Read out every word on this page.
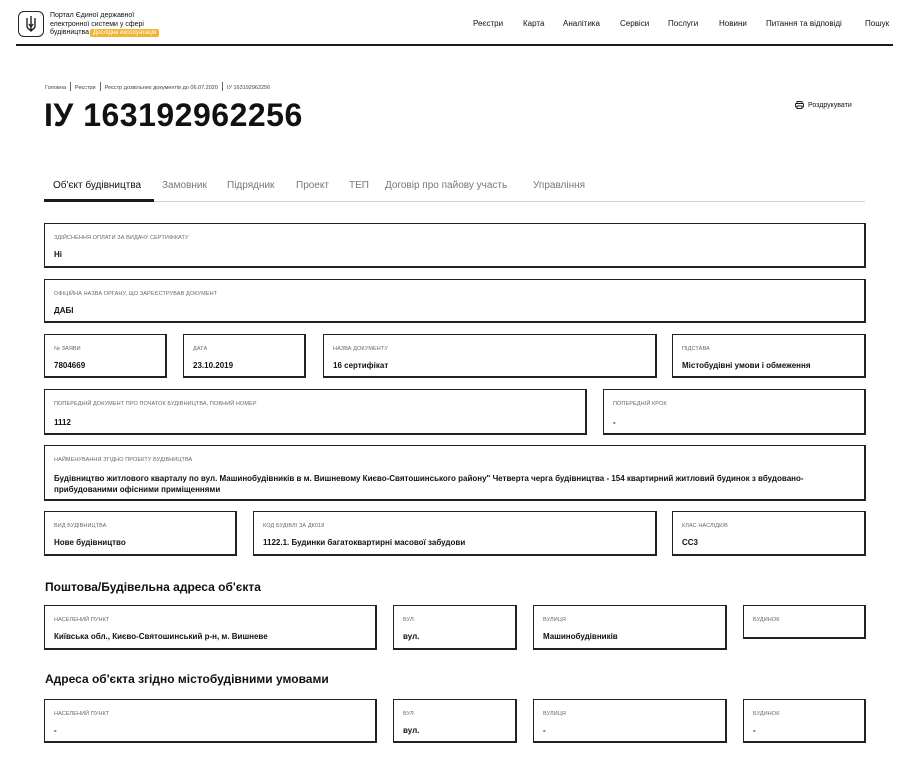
Портал Єдиної державної
електронної системи у сфері
будівництва Дослідна експлуатація
Реєстри Карта Аналітика	Сервіси Послуги	Новини Питання та відповіді	Пошук
Головна Реєстри Реєстр дозвільних документів до 06.07.2020 ІУ 163192962256
ІУ 163192962256	Роздрукувати
Об'єкт будівництва Замовник Підрядник Проект ТЕП Договір про пайову участь	Управління
ЗДІЙСНЕННЯ ОПЛАТИ ЗА ВИДАЧУ СЕРТИФІКАТУ
Ні
ОФІЦІЙНА НАЗВА ОРГАНУ, ЩО ЗАРЕЄСТРУВАВ ДОКУМЕНТ
ДАБІ
№ ЗАЯВИ
7804669
ДАТА
23.10.2019
НАЗВА ДОКУМЕНТУ
16 сертифікат
ПІДСТАВА
Містобудівні умови і обмеження
ПОПЕРЕДНІЙ ДОКУМЕНТ ПРО ПОЧАТОК БУДІВНИЦТВА, ПОВНИЙ НОМЕР
1112
ПОПЕРЕДНІЙ КРОК
-
НАЙМЕНУВАННЯ ЗГІДНО ПРОЕКТУ БУДІВНИЦТВА
Будівництво житлового кварталу по вул. Машинобудівників в м. Вишневому Києво-Святошинського району" Четверта черга будівництва - 154 квартирний житловий будинок з вбудовано-прибудованими офісними приміщеннями
ВИД БУДІВНИЦТВА
Нове будівництво
КОД БУДІВЛІ ЗА ДК018
1122.1. Будинки багатоквартирні масової забудови
КЛАС НАСЛІДКІВ
СС3
Поштова/Будівельна адреса об'єкта
НАСЕЛЕНИЙ ПУНКТ
Київська обл., Києво-Святошинський р-н, м. Вишневе
ВУЛ.
вул.
ВУЛИЦЯ
Машинобудівників
БУДИНОК
Адреса об'єкта згідно містобудівними умовами
НАСЕЛЕНИЙ ПУНКТ
-
ВУЛ.
вул.
ВУЛИЦЯ
-
БУДИНОК
-
